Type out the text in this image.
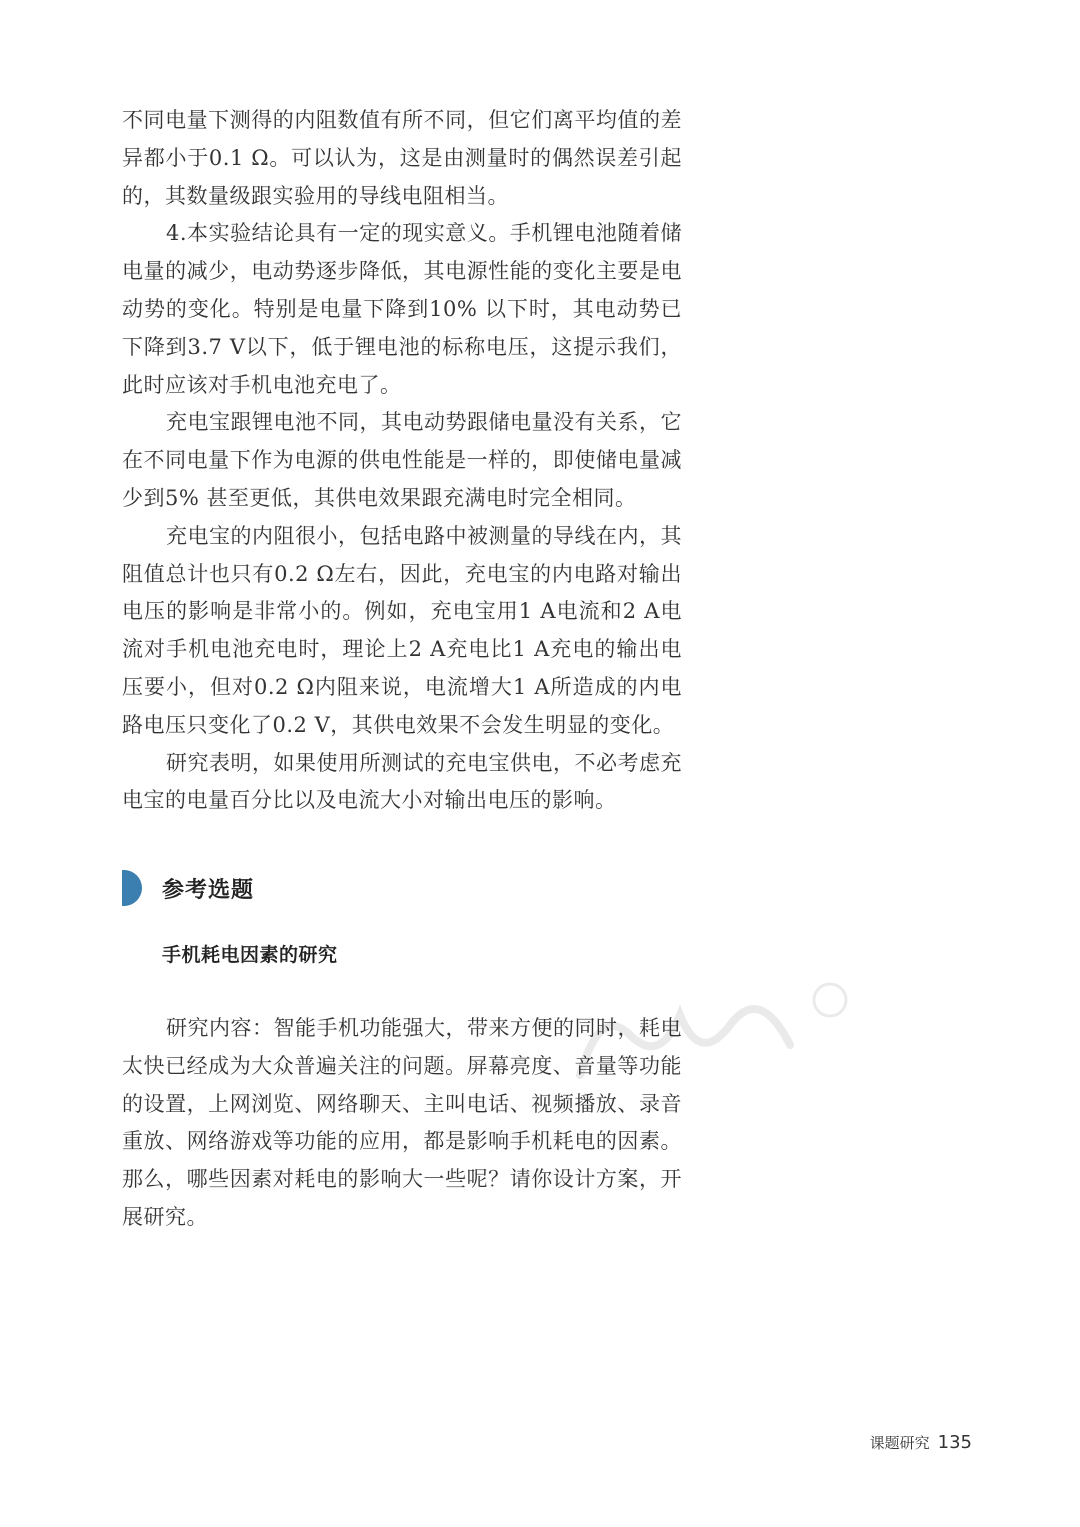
不同电量下测得的内阻数值有所不同，但它们离平均值的差异都小于0.1 Ω。可以认为，这是由测量时的偶然误差引起的，其数量级跟实验用的导线电阻相当。

4.本实验结论具有一定的现实意义。手机锂电池随着储电量的减少，电动势逐步降低，其电源性能的变化主要是电动势的变化。特别是电量下降到10% 以下时，其电动势已下降到3.7 V以下，低于锂电池的标称电压，这提示我们，此时应该对手机电池充电了。

充电宝跟锂电池不同，其电动势跟储电量没有关系，它在不同电量下作为电源的供电性能是一样的，即使储电量减少到5% 甚至更低，其供电效果跟充满电时完全相同。

充电宝的内阻很小，包括电路中被测量的导线在内，其阻值总计也只有0.2 Ω左右，因此，充电宝的内电路对输出电压的影响是非常小的。例如，充电宝用1 A电流和2 A电流对手机电池充电时，理论上2 A充电比1 A充电的输出电压要小，但对0.2 Ω内阻来说，电流增大1 A所造成的内电路电压只变化了0.2 V，其供电效果不会发生明显的变化。

研究表明，如果使用所测试的充电宝供电，不必考虑充电宝的电量百分比以及电流大小对输出电压的影响。

参考选题
手机耗电因素的研究

研究内容：智能手机功能强大，带来方便的同时，耗电太快已经成为大众普遍关注的问题。屏幕亮度、音量等功能的设置，上网浏览、网络聊天、主叫电话、视频播放、录音重放、网络游戏等功能的应用，都是影响手机耗电的因素。那么，哪些因素对耗电的影响大一些呢？请你设计方案，开展研究。

课题研究 135
